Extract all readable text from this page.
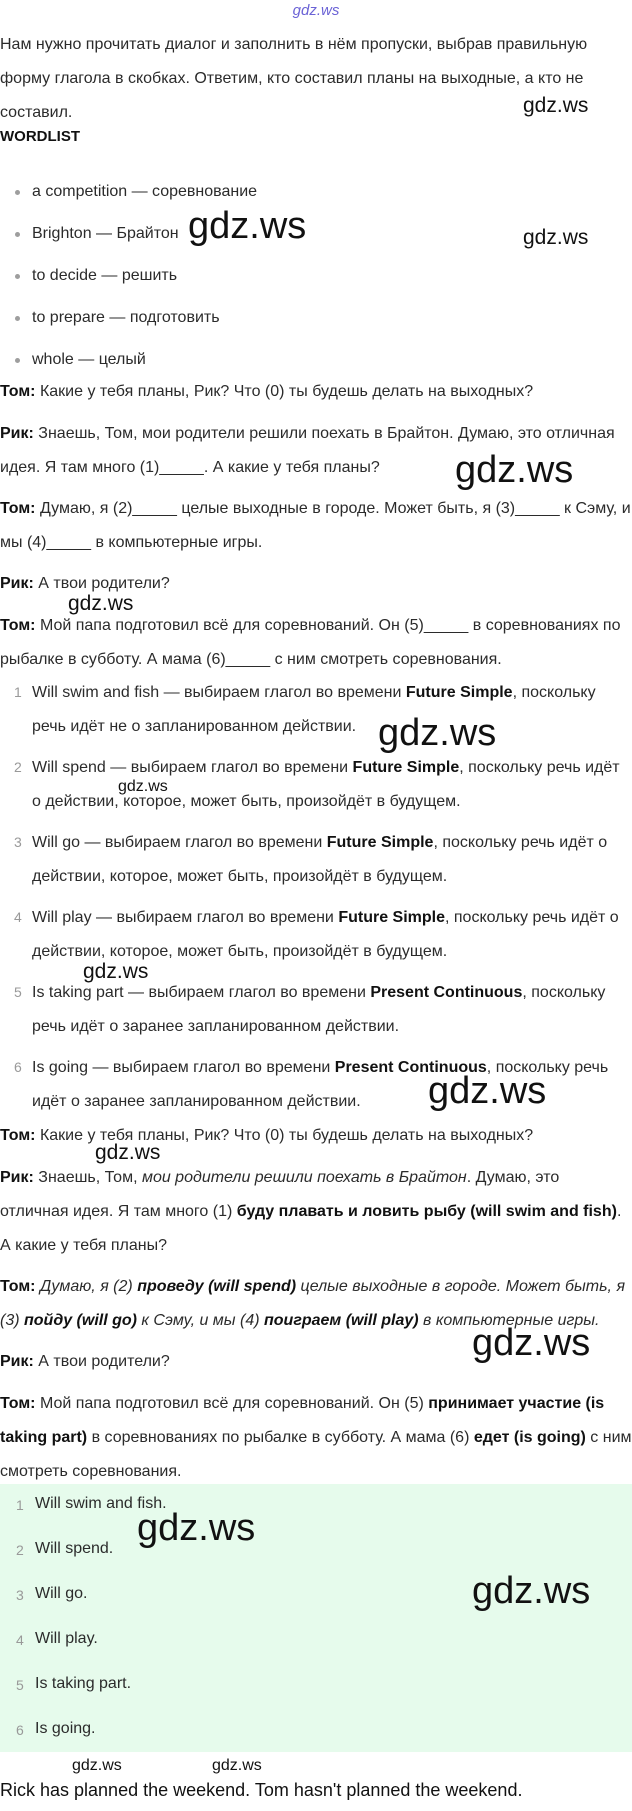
gdz.ws
Нам нужно прочитать диалог и заполнить в нём пропуски, выбрав правильную форму глагола в скобках. Ответим, кто составил планы на выходные, а кто не составил.
WORDLIST
a competition — соревнование
Brighton — Брайтон
to decide — решить
to prepare — подготовить
whole — целый
Том: Какие у тебя планы, Рик? Что (0) ты будешь делать на выходных?
Рик: Знаешь, Том, мои родители решили поехать в Брайтон. Думаю, это отличная идея. Я там много (1)_____. А какие у тебя планы?
Том: Думаю, я (2)_____ целые выходные в городе. Может быть, я (3)_____ к Сэму, и мы (4)_____ в компьютерные игры.
Рик: А твои родители?
Том: Мой папа подготовил всё для соревнований. Он (5)_____ в соревнованиях по рыбалке в субботу. А мама (6)_____ с ним смотреть соревнования.
1 Will swim and fish — выбираем глагол во времени Future Simple, поскольку речь идёт не о запланированном действии.
2 Will spend — выбираем глагол во времени Future Simple, поскольку речь идёт о действии, которое, может быть, произойдёт в будущем.
3 Will go — выбираем глагол во времени Future Simple, поскольку речь идёт о действии, которое, может быть, произойдёт в будущем.
4 Will play — выбираем глагол во времени Future Simple, поскольку речь идёт о действии, которое, может быть, произойдёт в будущем.
5 Is taking part — выбираем глагол во времени Present Continuous, поскольку речь идёт о заранее запланированном действии.
6 Is going — выбираем глагол во времени Present Continuous, поскольку речь идёт о заранее запланированном действии.
Том: Какие у тебя планы, Рик? Что (0) ты будешь делать на выходных?
Рик: Знаешь, Том, мои родители решили поехать в Брайтон. Думаю, это отличная идея. Я там много (1) буду плавать и ловить рыбу (will swim and fish). А какие у тебя планы?
Том: Думаю, я (2) проведу (will spend) целые выходные в городе. Может быть, я (3) пойду (will go) к Сэму, и мы (4) поиграем (will play) в компьютерные игры.
Рик: А твои родители?
Том: Мой папа подготовил всё для соревнований. Он (5) принимает участие (is taking part) в соревнованиях по рыбалке в субботу. А мама (6) едет (is going) с ним смотреть соревнования.
1 Will swim and fish.
2 Will spend.
3 Will go.
4 Will play.
5 Is taking part.
6 Is going.
Rick has planned the weekend. Tom hasn't planned the weekend.
gdz.ws
gdz.ws	gdz.ws
gdz.ws
gdz.ws
gdz.ws
gdz.ws
gdz.ws
gdz.ws
gdz.ws
gdz.ws
gdz.ws
gdz.ws
gdz.ws	gdz.ws
